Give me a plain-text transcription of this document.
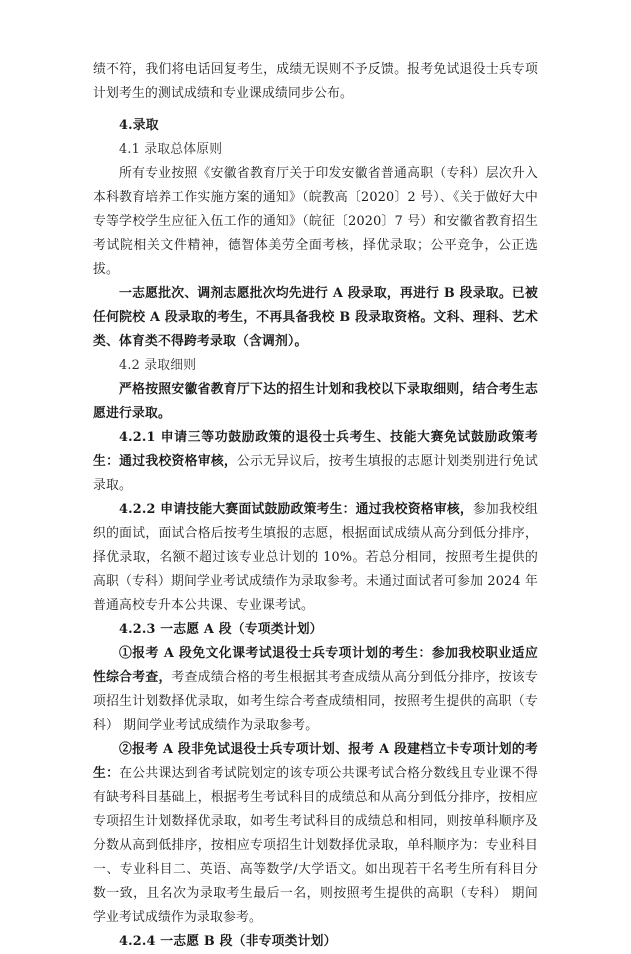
绩不符，我们将电话回复考生，成绩无误则不予反馈。报考免试退役士兵专项计划考生的测试成绩和专业课成绩同步公布。

4.录取

4.1 录取总体原则

所有专业按照《安徽省教育厅关于印发安徽省普通高职（专科）层次升入本科教育培养工作实施方案的通知》（皖教高〔2020〕2 号）、《关于做好大中专等学校学生应征入伍工作的通知》（皖征〔2020〕7 号）和安徽省教育招生考试院相关文件精神，德智体美劳全面考核，择优录取；公平竞争，公正选拔。

一志愿批次、调剂志愿批次均先进行 A 段录取，再进行 B 段录取。已被任何院校 A 段录取的考生，不再具备我校 B 段录取资格。文科、理科、艺术类、体育类不得跨考录取（含调剂）。

4.2 录取细则

严格按照安徽省教育厅下达的招生计划和我校以下录取细则，结合考生志愿进行录取。

4.2.1 申请三等功鼓励政策的退役士兵考生、技能大赛免试鼓励政策考生：通过我校资格审核，公示无异议后，按考生填报的志愿计划类别进行免试录取。

4.2.2 申请技能大赛面试鼓励政策考生：通过我校资格审核，参加我校组织的面试，面试合格后按考生填报的志愿，根据面试成绩从高分到低分排序，择优录取，名额不超过该专业总计划的 10%。若总分相同，按照考生提供的高职（专科）期间学业考试成绩作为录取参考。未通过面试者可参加 2024 年普通高校专升本公共课、专业课考试。

4.2.3 一志愿 A 段（专项类计划）

①报考 A 段免文化课考试退役士兵专项计划的考生：参加我校职业适应性综合考查，考查成绩合格的考生根据其考查成绩从高分到低分排序，按该专项招生计划数择优录取，如考生综合考查成绩相同，按照考生提供的高职（专科） 期间学业考试成绩作为录取参考。

②报考 A 段非免试退役士兵专项计划、报考 A 段建档立卡专项计划的考生：在公共课达到省考试院划定的该专项公共课考试合格分数线且专业课不得有缺考科目基础上，根据考生考试科目的成绩总和从高分到低分排序，按相应专项招生计划数择优录取，如考生考试科目的成绩总和相同，则按单科顺序及分数从高到低排序，按相应专项招生计划数择优录取，单科顺序为：专业科目一、专业科目二、英语、高等数学/大学语文。如出现若干名考生所有科目分数一致，且名次为录取考生最后一名，则按照考生提供的高职（专科） 期间学业考试成绩作为录取参考。

4.2.4 一志愿 B 段（非专项类计划）
